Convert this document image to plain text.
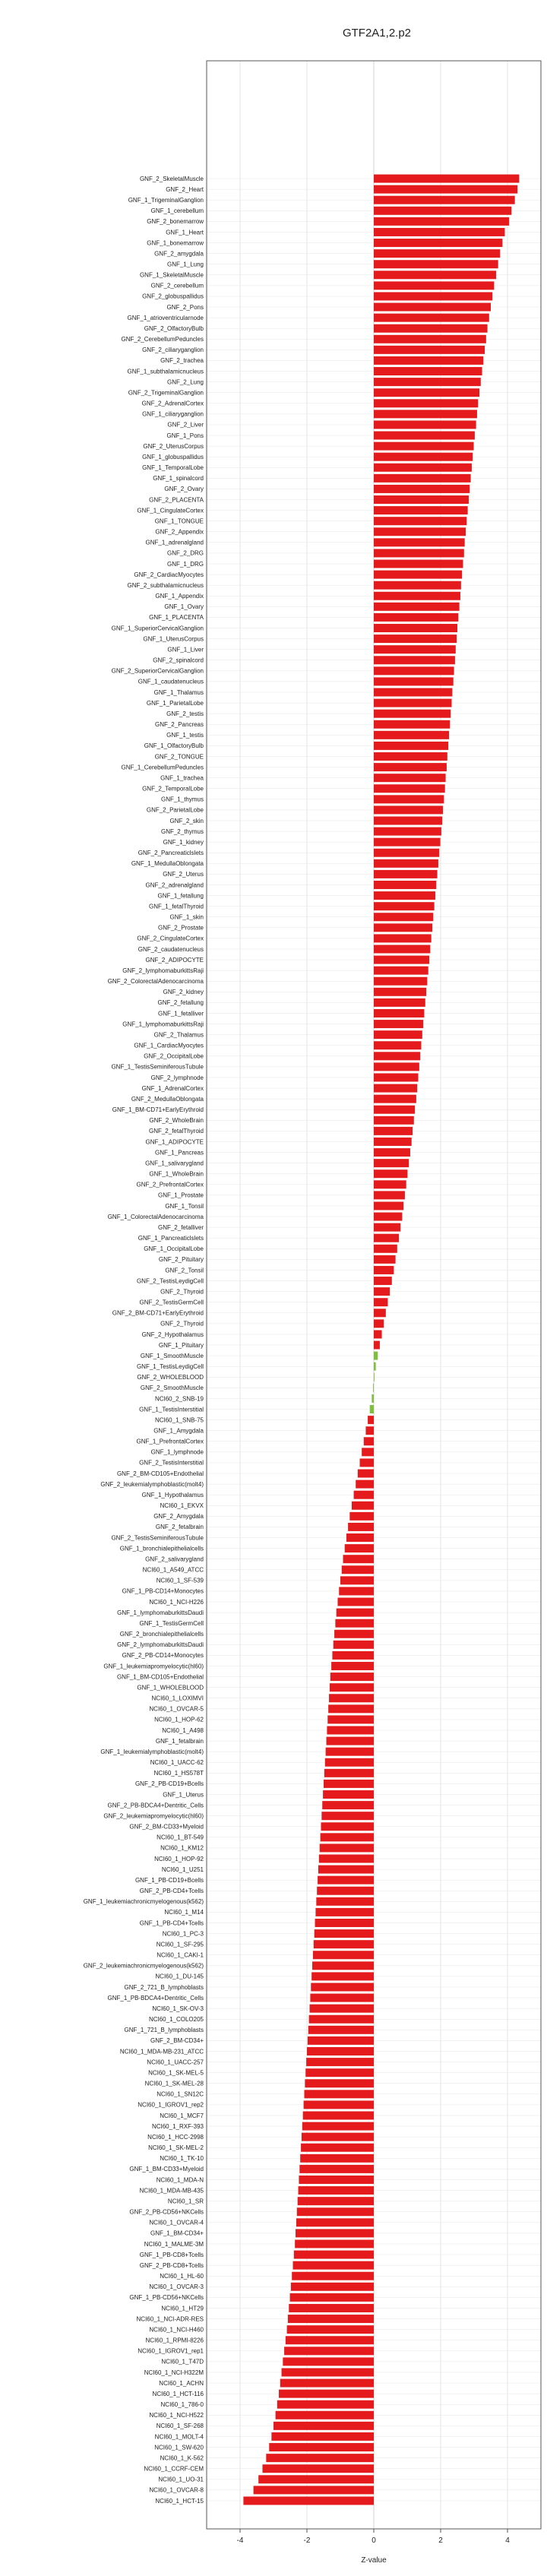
GTF2A1,2.p2
GNF_2_SkeletalMuscle
GNF_2_Heart
GNF_1_TrigeminalGanglion
GNF_1_cerebellum
GNF_2_bonemarrow
GNF_1_Heart
GNF_1_bonemarrow
GNF_2_amygdala
GNF_1_Lung
GNF_1_SkeletalMuscle
GNF_2_cerebellum
GNF_2_globuspallidus
GNF_2_Pons
GNF_1_atrioventricularnode
GNF_2_OlfactoryBulb
GNF_2_CerebellumPeduncles
GNF_2_ciliaryganglion
GNF_2_trachea
GNF_1_subthalamicnucleus
GNF_2_Lung
GNF_2_TrigeminalGanglion
GNF_2_AdrenalCortex
GNF_1_ciliaryganglion
GNF_2_Liver
GNF_1_Pons
GNF_2_UterusCorpus
GNF_1_globuspallidus
GNF_1_TemporalLobe
GNF_1_spinalcord
GNF_2_Ovary
GNF_2_PLACENTA
GNF_1_CingulateCortex
GNF_1_TONGUE
GNF_2_Appendix
GNF_1_adrenalgland
GNF_2_DRG
GNF_1_DRG
GNF_2_CardiacMyocytes
GNF_2_subthalamicnucleus
GNF_1_Appendix
GNF_1_Ovary
GNF_1_PLACENTA
GNF_1_SuperiorCervicalGanglion
GNF_1_UterusCorpus
GNF_1_Liver
GNF_2_spinalcord
GNF_2_SuperiorCervicalGanglion
GNF_1_caudatenucleus
GNF_1_Thalamus
GNF_1_ParietalLobe
GNF_2_testis
GNF_2_Pancreas
GNF_1_testis
GNF_1_OlfactoryBulb
GNF_2_TONGUE
GNF_1_CerebellumPeduncles
GNF_1_trachea
GNF_2_TemporalLobe
GNF_1_thymus
GNF_2_ParietalLobe
GNF_2_skin
GNF_2_thymus
GNF_1_kidney
GNF_2_Pancreaticlslets
GNF_1_MedullaOblongata
GNF_2_Uterus
GNF_2_adrenalgland
GNF_1_fetallung
GNF_1_fetalThyroid
GNF_1_skin
GNF_2_Prostate
GNF_2_CingulateCortex
GNF_2_caudatenucleus
GNF_2_ADIPOCYTE
GNF_2_lymphomaburkittsRaji
GNF_2_ColorectalAdenocarcinoma
GNF_2_kidney
GNF_2_fetallung
GNF_1_fetalliver
GNF_1_lymphomaburkittsRaji
GNF_2_Thalamus
GNF_1_CardiacMyocytes
GNF_2_OccipitalLobe
GNF_1_TestisSeminiferousTubule
GNF_2_lymphnode
GNF_1_AdrenalCortex
GNF_2_MedullaOblongata
GNF_1_BM-CD71+EarlyErythroid
GNF_2_WholeBrain
GNF_2_fetalThyroid
GNF_1_ADIPOCYTE
GNF_1_Pancreas
GNF_1_salivarygland
GNF_1_WholeBrain
GNF_2_PrefrontalCortex
GNF_1_Prostate
GNF_1_Tonsil
GNF_1_ColorectalAdenocarcinoma
GNF_2_fetalliver
GNF_1_Pancreaticlslets
GNF_1_OccipitalLobe
GNF_2_Pituitary
GNF_2_Tonsil
GNF_2_TestisLeydigCell
GNF_2_Thyroid
GNF_2_TestisGermCell
GNF_2_BM-CD71+EarlyErythroid
GNF_2_Thyroid
GNF_2_Hypothalamus
GNF_1_Pituitary
GNF_1_SmoothMuscle
GNF_1_TestisLeydigCell
GNF_2_WHOLEBLOOD
GNF_2_SmoothMuscle
NCI60_2_SNB-19
GNF_1_TestisInterstitial
NCI60_1_SNB-75
GNF_1_Amygdala
GNF_1_PrefrontalCortex
GNF_1_lymphnode
GNF_2_TestisInterstitial
GNF_2_BM-CD105+Endothelial
GNF_2_leukemialymphoblastic(molt4)
GNF_1_Hypothalamus
NCI60_1_EKVX
GNF_2_Amygdala
GNF_2_fetalbrain
GNF_2_TestisSeminiferousTubule
GNF_1_bronchialepithelialcells
GNF_2_salivarygland
NCI60_1_A549_ATCC
NCI60_1_SF-539
GNF_1_PB-CD14+Monocytes
NCI60_1_NCI-H226
GNF_1_lymphomaburkittsDaudi
GNF_1_TestisGermCell
GNF_2_bronchialepithelialcells
GNF_2_lymphomaburkittsDaudi
GNF_2_PB-CD14+Monocytes
GNF_1_leukemiapromyelocytic(hl60)
GNF_1_BM-CD105+Endothelial
GNF_1_WHOLEBLOOD
NCI60_1_LOXIMVI
NCI60_1_OVCAR-5
NCI60_1_HOP-62
NCI60_1_A498
GNF_1_fetalbrain
GNF_1_leukemialymphoblastic(molt4)
NCI60_1_UACC-62
NCI60_1_HS578T
GNF_2_PB-CD19+Bcells
GNF_1_Uterus
GNF_2_PB-BDCA4+Dentritic_Cells
GNF_2_leukemiapromyelocytic(hl60)
GNF_2_BM-CD33+Myeloid
NCI60_1_BT-549
NCI60_1_KM12
NCI60_1_HOP-92
NCI60_1_U251
GNF_1_PB-CD19+Bcells
GNF_2_PB-CD4+Tcells
GNF_1_leukemiachronicmyelogenous(k562)
NCI60_1_M14
GNF_1_PB-CD4+Tcells
NCI60_1_PC-3
NCI60_1_SF-295
NCI60_1_CAKI-1
GNF_2_leukemiachronicmyelogenous(k562)
NCI60_1_DU-145
GNF_2_721_B_lymphoblasts
GNF_1_PB-BDCA4+Dentritic_Cells
NCI60_1_SK-OV-3
NCI60_1_COLO205
GNF_1_721_B_lymphoblasts
GNF_2_BM-CD34+
NCI60_1_MDA-MB-231_ATCC
NCI60_1_UACC-257
NCI60_1_SK-MEL-5
NCI60_1_SK-MEL-28
NCI60_1_SN12C
NCI60_1_IGROV1_rep2
NCI60_1_MCF7
NCI60_1_RXF-393
NCI60_1_HCC-2998
NCI60_1_SK-MEL-2
NCI60_1_TK-10
GNF_1_BM-CD33+Myeloid
NCI60_1_MDA-N
NCI60_1_MDA-MB-435
NCI60_1_SR
GNF_2_PB-CD56+NKCells
NCI60_1_OVCAR-4
GNF_1_BM-CD34+
NCI60_1_MALME-3M
GNF_1_PB-CD8+Tcells
GNF_2_PB-CD8+Tcells
NCI60_1_HL-60
NCI60_1_OVCAR-3
GNF_1_PB-CD56+NKCells
NCI60_1_HT29
NCI60_1_NCI-ADR-RES
NCI60_1_NCI-H460
NCI60_1_RPMI-8226
NCI60_1_IGROV1_rep1
NCI60_1_T47D
NCI60_1_NCI-H322M
NCI60_1_ACHN
NCI60_1_HCT-116
NCI60_1_786-0
NCI60_1_NCI-H522
NCI60_1_SF-268
NCI60_1_MOLT-4
NCI60_1_SW-620
NCI60_1_K-562
NCI60_1_CCRF-CEM
NCI60_1_UO-31
NCI60_1_OVCAR-8
NCI60_1_HCT-15
-4	-2	0	2	4
Z-value
